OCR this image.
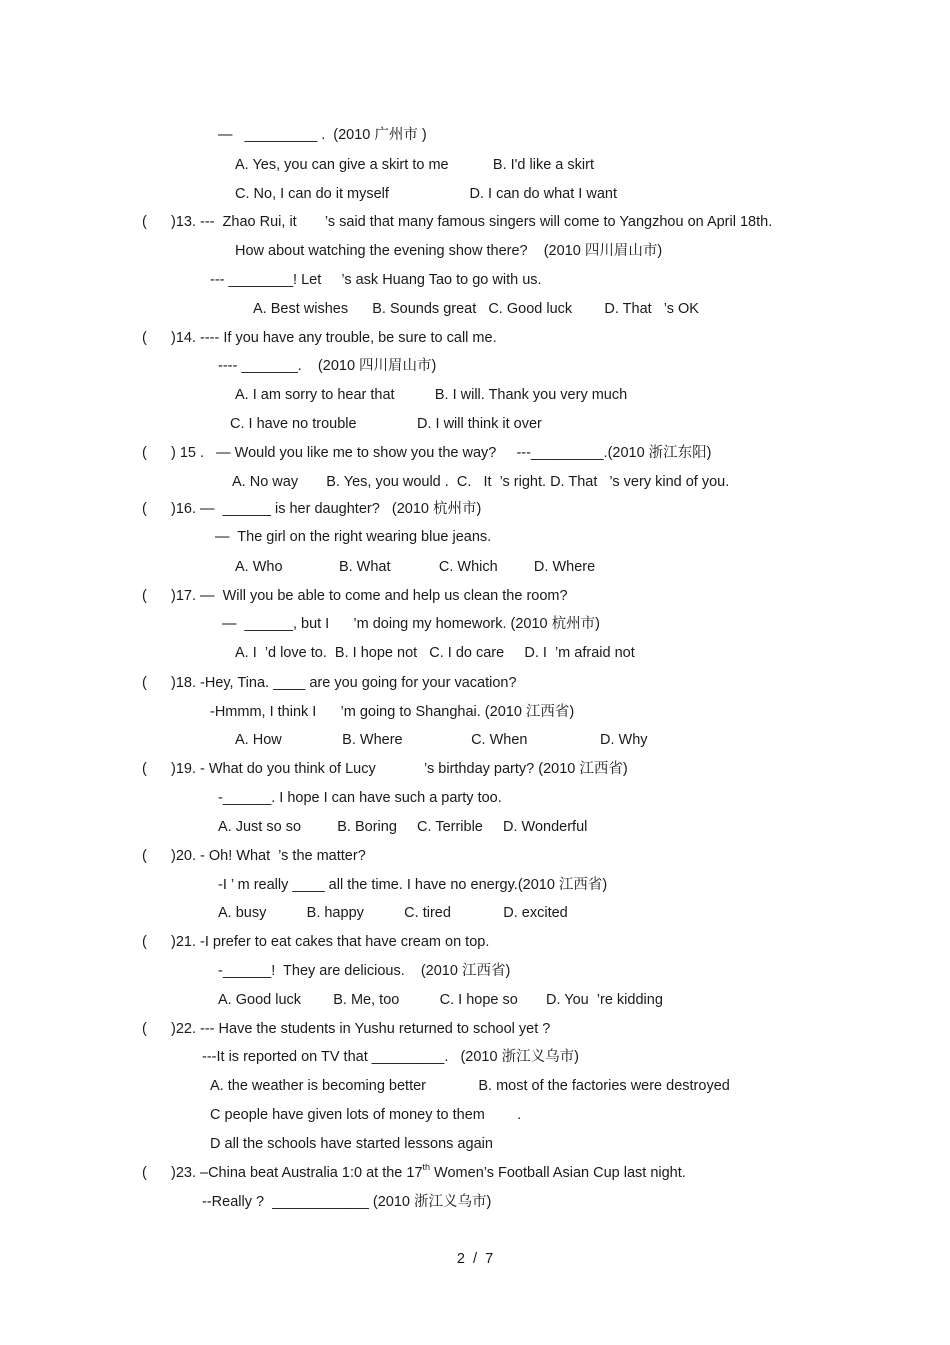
—   _________ .  (2010 广州市 )
A. Yes, you can give a skirt to me           B. I'd like a skirt
C. No, I can do it myself                    D. I can do what I want
(      )13. ---  Zhao Rui, it       ’s said that many famous singers will come to Yangzhou on April 18th.
How about watching the evening show there?    (2010 四川眉山市)
--- ________! Let     ’s ask Huang Tao to go with us.
A. Best wishes      B. Sounds great   C. Good luck        D. That   ’s OK
(      )14. ---- If you have any trouble, be sure to call me.
---- _______.    (2010 四川眉山市)
A. I am sorry to hear that          B. I will. Thank you very much
C. I have no trouble               D. I will think it over
(      ) 15 .   — Would you like me to show you the way?     ---_________.(2010 浙江东阳)
A. No way       B. Yes, you would .  C.   It  ’s right. D. That   ’s very kind of you.
(      )16. —  ______ is her daughter?   (2010 杭州市)
—  The girl on the right wearing blue jeans.
A. Who              B. What            C. Which         D. Where
(      )17. —  Will you be able to come and help us clean the room?
—  ______, but I      ’m doing my homework. (2010 杭州市)
A. I  ’d love to.  B. I hope not   C. I do care     D. I  ’m afraid not
(      )18. -Hey, Tina. ____ are you going for your vacation?
-Hmmm, I think I      ’m going to Shanghai. (2010 江西省)
A. How               B. Where                 C. When                  D. Why
(      )19. - What do you think of Lucy            ’s birthday party? (2010 江西省)
-______. I hope I can have such a party too.
A. Just so so         B. Boring     C. Terrible     D. Wonderful
(      )20. - Oh! What  ’s the matter?
-I ’ m really ____ all the time. I have no energy.(2010 江西省)
A. busy          B. happy          C. tired             D. excited
(      )21. -I prefer to eat cakes that have cream on top.
-______!  They are delicious.    (2010 江西省)
A. Good luck        B. Me, too          C. I hope so       D. You  ’re kidding
(      )22. --- Have the students in Yushu returned to school yet ?
---It is reported on TV that _________.   (2010 浙江义乌市)
A. the weather is becoming better             B. most of the factories were destroyed
C people have given lots of money to them        .
D all the schools have started lessons again
(      )23. –China beat Australia 1:0 at the 17th Women’s Football Asian Cup last night.
--Really ?  ____________ (2010 浙江义乌市)
2  /  7
